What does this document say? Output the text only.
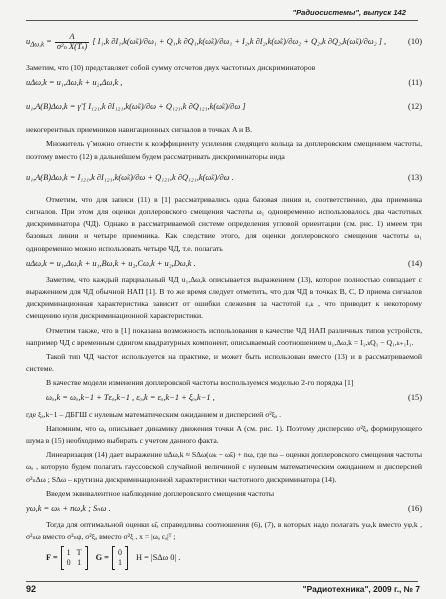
"Радиосистемы", выпуск 142
$u_{\Delta\omega,k} = \frac{A}{\text{σ²ₙ X(Tₛ)}}$ [ I₁,k ∂I₁,k(ω̃ₖ)/∂ω₁ + Q₁,k ∂Q₁,k(ω̃ₖ)/∂ω₁ + I₂,k ∂I₂,k(ω̃ₖ)/∂ω₂ + Q₂,k ∂Q₂,k(ω̃ₖ)/∂ω₂ ] ,	(10)

Заметим, что (10) представляет собой сумму отсчетов двух частотных дискриминаторов

uΔω,k = u₁,Δω,k + u₂,Δω,k ,	(11)
u₁,A(B)Δω,k = γ̃ [ I₁₂₁,k ∂I₁₂₁,k(ω̃ₖ)/∂ω + Q₁₂₁,k ∂Q₁₂₁,k(ω̃ₖ)/∂ω ]	(12)

некогерентных приемников навигационных сигналов в точках A и B.

Множитель γ̃ можно отнести к коэффициенту усиления следящего кольца за доплеровским смещением частоты, поэтому вместо (12) в дальнейшем будем рассматривать дискриминаторы вида

u₁,A(B)Δω,k = I₁₂₁,k ∂I₁₂₁,k(ω̃ₖ)/∂ω + Q₁₂₁,k ∂Q₁₂₁,k(ω̃ₖ)/∂ω .	(13)

Отметим, что для записи (11) в [1] рассматривались одна базовая линия и, соответственно, два приемника сигналов. При этом для оценки доплеровского смещения частоты ω₁ одновременно использовалось два частотных дискриминатора (ЧД). Однако в рассматриваемой системе определения угловой ориентации (см. рис. 1) имеем три базовых линии и четыре приемника. Как следствие этого, для оценки доплеровского смещения частоты ω₁ одновременно можно использовать четыре ЧД, т.е. полагать

uΔω,k = u₁,Δω,k + u₁,Bω,k + u₂,Cω,k + u₂,Dω,k .	(14)

Заметим, что каждый парциальный ЧД u₁,Δω,k описывается выражением (13), которое полностью совпадает с выражением для ЧД обычной НАП [1]. В то же время следует отметить, что для ЧД в точках B, C, D приема сигналов дискриминационная характеристика зависит от ошибки слежения за частотой εₐₖ , что приводит к некоторому смещению нуля дискриминационной характеристики.

Отметим также, что в [1] показана возможность использования в качестве ЧД НАП различных типов устройств, например ЧД с временным сдвигом квадратурных компонент, описываемый соотношением u₁,Δω,k = I₁,ₖQ₁ − Q₁,ₖ₊₁I₁.

Такой тип ЧД частот используется на практике, и может быть использован вместо (13) и в рассматриваемой системе.

В качестве модели изменения доплеровской частоты воспользуемся моделью 2-го порядка [1]

ωₐ,k = ωₐ,k−1 + Tεₐ,k−1 , εₐ,k = εₐ,k−1 + ξₐ,k−1 ,	(15)

где ξₐ,k−1 – ДБГШ с нулевым математическим ожиданием и дисперсией σ²ξₐ .

Напомним, что ωₐ описывает динамику движения точки A (см. рис. 1). Поэтому дисперсию σ²ξₐ формирующего шума в (15) необходимо выбирать с учетом данного факта.

Линеаризация (14) дает выражение uΔω,k ≈ SΔω(ωₖ − ω̃ₖ) + nω, где nω – оценки доплеровского смещения частоты ωₐ , которую будем полагать гауссовской случайной величиной с нулевым математическим ожиданием и дисперсией σ²ₙΔω ; SΔω – крутизна дискриминационной характеристики частотного дискриминатора (14).

Введем эквивалентное наблюдение доплеровского смещения частоты

yω,k = ωₖ + nω,k ; Sₙω .	(16)

Тогда для оптимальной оценки ω̂ₐ справедливы соотношения (6), (7), в которых надо полагать yω,k вместо yφ,k , σ²ₙω вместо σ²ₙφ, σ²ξₐ вместо σ²ξ , x = |ωₐ εₐ|ᵀ ;

F =
1 T
0 1
G =
0
1
H = |SΔω 0| .
92	"Радиотехника", 2009 г., № 7
